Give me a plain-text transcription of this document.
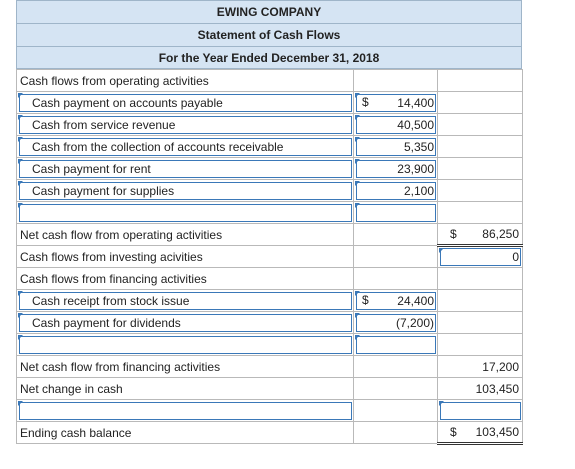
EWING COMPANY
Statement of Cash Flows
For the Year Ended December 31, 2018
Cash flows from operating activities		
Cash payment on accounts payable	$ 14,400	
Cash from service revenue	40,500	
Cash from the collection of accounts receivable	5,350	
Cash payment for rent	23,900	
Cash payment for supplies	2,100	

Net cash flow from operating activities		$ 86,250
Cash flows from investing acivities		0
Cash flows from financing activities		
Cash receipt from stock issue	$ 24,400	
Cash payment for dividends	(7,200)	

Net cash flow from financing activities		17,200
Net change in cash		103,450

Ending cash balance		$ 103,450
